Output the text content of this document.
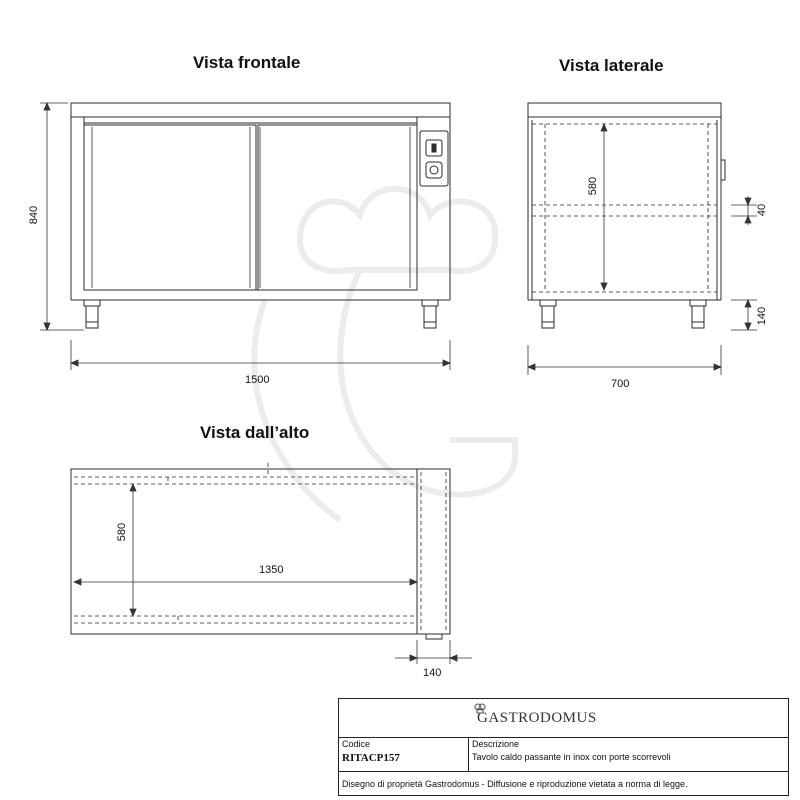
Vista frontale	Vista laterale
Vista dall’alto
840
1500
580
40
140
700
580
1350
140
GASTRODOMUS
Codice
RITACP157
Descrizione
Tavolo caldo passante in inox con porte scorrevoli
Disegno di proprietà Gastrodomus - Diffusione e riproduzione vietata a norma di legge.
